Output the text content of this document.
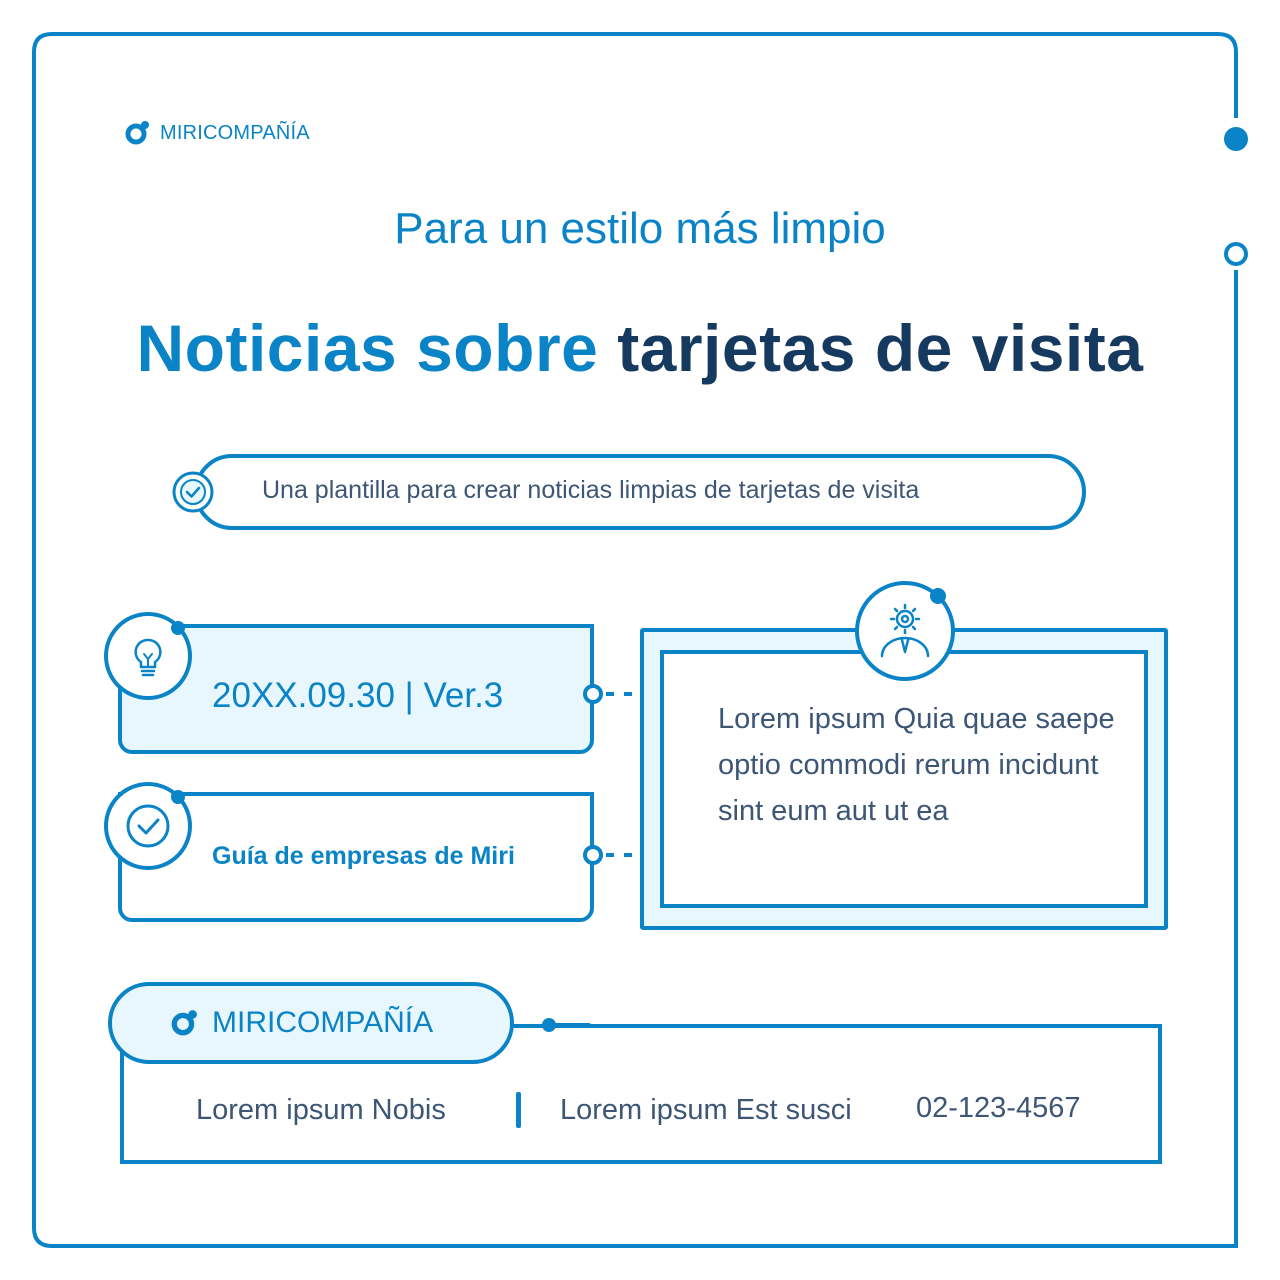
MIRICOMPAÑÍA
Para un estilo más limpio
Noticias sobre tarjetas de visita
Una plantilla para crear noticias limpias de tarjetas de visita
20XX.09.30 | Ver.3
Guía de empresas de Miri
Lorem ipsum Quia quae saepe optio commodi rerum incidunt sint eum aut ut ea
MIRICOMPAÑÍA
Lorem ipsum Nobis	Lorem ipsum Est susci 02-123-4567
